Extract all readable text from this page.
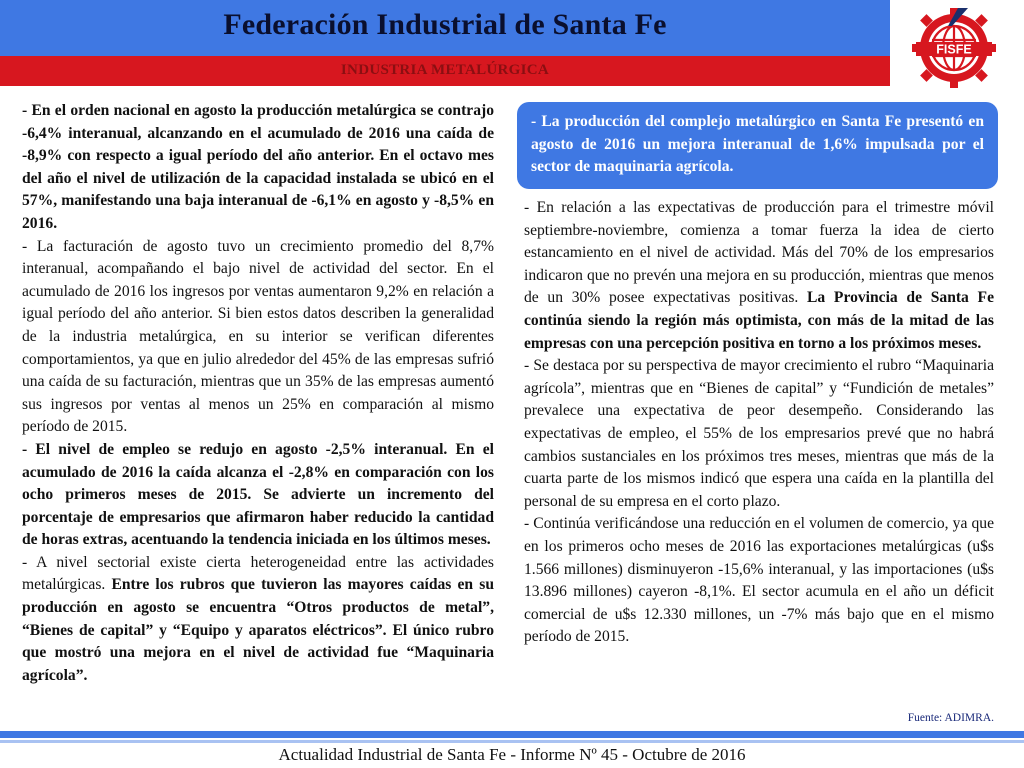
Federación Industrial de Santa Fe
INDUSTRIA METALÚRGICA
FISFE

- En el orden nacional en agosto la producción metalúrgica se contrajo -6,4% interanual, alcanzando en el acumulado de 2016 una caída de -8,9% con respecto a igual período del año anterior. En el octavo mes del año el nivel de utilización de la capacidad instalada se ubicó en el 57%, manifestando una baja interanual de -6,1% en agosto y -8,5% en 2016.

- La facturación de agosto tuvo un crecimiento promedio del 8,7% interanual, acompañando el bajo nivel de actividad del sector. En el acumulado de 2016 los ingresos por ventas aumentaron 9,2% en relación a igual período del año anterior. Si bien estos datos describen la generalidad de la industria metalúrgica, en su interior se verifican diferentes comportamientos, ya que en julio alrededor del 45% de las empresas sufrió una caída de su facturación, mientras que un 35% de las empresas aumentó sus ingresos por ventas al menos un 25% en comparación al mismo período de 2015.

- El nivel de empleo se redujo en agosto -2,5% interanual. En el acumulado de 2016 la caída alcanza el -2,8% en comparación con los ocho primeros meses de 2015. Se advierte un incremento del porcentaje de empresarios que afirmaron haber reducido la cantidad de horas extras, acentuando la tendencia iniciada en los últimos meses.

- A nivel sectorial existe cierta heterogeneidad entre las actividades metalúrgicas. Entre los rubros que tuvieron las mayores caídas en su producción en agosto se encuentra “Otros productos de metal”, “Bienes de capital” y “Equipo y aparatos eléctricos”. El único rubro que mostró una mejora en el nivel de actividad fue “Maquinaria agrícola”.

- La producción del complejo metalúrgico en Santa Fe presentó en agosto de 2016 un mejora interanual de 1,6% impulsada por el sector de maquinaria agrícola.

- En relación a las expectativas de producción para el trimestre móvil septiembre-noviembre, comienza a tomar fuerza la idea de cierto estancamiento en el nivel de actividad. Más del 70% de los empresarios indicaron que no prevén una mejora en su producción, mientras que menos de un 30% posee expectativas positivas. La Provincia de Santa Fe continúa siendo la región más optimista, con más de la mitad de las empresas con una percepción positiva en torno a los próximos meses.

- Se destaca por su perspectiva de mayor crecimiento el rubro “Maquinaria agrícola”, mientras que en “Bienes de capital” y “Fundición de metales” prevalece una expectativa de peor desempeño. Considerando las expectativas de empleo, el 55% de los empresarios prevé que no habrá cambios sustanciales en los próximos tres meses, mientras que más de la cuarta parte de los mismos indicó que espera una caída en la plantilla del personal de su empresa en el corto plazo.

- Continúa verificándose una reducción en el volumen de comercio, ya que en los primeros ocho meses de 2016 las exportaciones metalúrgicas (u$s 1.566 millones) disminuyeron -15,6% interanual, y las importaciones (u$s 13.896 millones) cayeron -8,1%. El sector acumula en el año un déficit comercial de u$s 12.330 millones, un -7% más bajo que en el mismo período de 2015.

Fuente: ADIMRA.
Actualidad Industrial de Santa Fe - Informe Nº 45 - Octubre de 2016
